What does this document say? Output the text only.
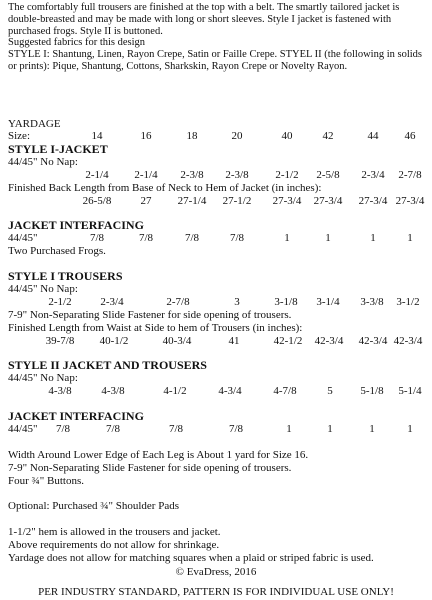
The comfortably full trousers are finished at the top with a belt. The smartly tailored jacket is double-breasted and may be made with long or short sleeves. Style I jacket is fastened with purchased frogs. Style II is buttoned.

Suggested fabrics for this design

STYLE I: Shantung, Linen, Rayon Crepe, Satin or Faille Crepe. STYEL II (the following in solids or prints): Pique, Shantung, Cottons, Sharkskin, Rayon Crepe or Novelty Rayon.

YARDAGE
Size:	14	16	18	20	40	42	44	46
STYLE I-JACKET
44/45" No Nap:
2-1/4	2-1/4	2-3/8	2-3/8	2-1/2	2-5/8	2-3/4	2-7/8
Finished Back Length from Base of Neck to Hem of Jacket (in inches):
26-5/8	27	27-1/4	27-1/2	27-3/4	27-3/4	27-3/4 27-3/4
JACKET INTERFACING
44/45"	7/8	7/8	7/8	7/8	1	1	1	1
Two Purchased Frogs.
STYLE I TROUSERS
44/45" No Nap:
2-1/2	2-3/4	2-7/8	3	3-1/8	3-1/4	3-3/8	3-1/2
7-9" Non-Separating Slide Fastener for side opening of trousers.
Finished Length from Waist at Side to hem of Trousers (in inches):
39-7/8	40-1/2	40-3/4	41	42-1/2	42-3/4	42-3/4 42-3/4
STYLE II JACKET AND TROUSERS
44/45" No Nap:
4-3/8	4-3/8	4-1/2	4-3/4	4-7/8	5	5-1/8	5-1/4
JACKET INTERFACING
44/45"	7/8	7/8	7/8	7/8	1	1	1	1
Width Around Lower Edge of Each Leg is About 1 yard for Size 16.
7-9" Non-Separating Slide Fastener for side opening of trousers.
Four ¾" Buttons.
Optional: Purchased ¾" Shoulder Pads
1-1/2" hem is allowed in the trousers and jacket.
Above requirements do not allow for shrinkage.
Yardage does not allow for matching squares when a plaid or striped fabric is used.
© EvaDress, 2016
PER INDUSTRY STANDARD, PATTERN IS FOR INDIVIDUAL USE ONLY!
